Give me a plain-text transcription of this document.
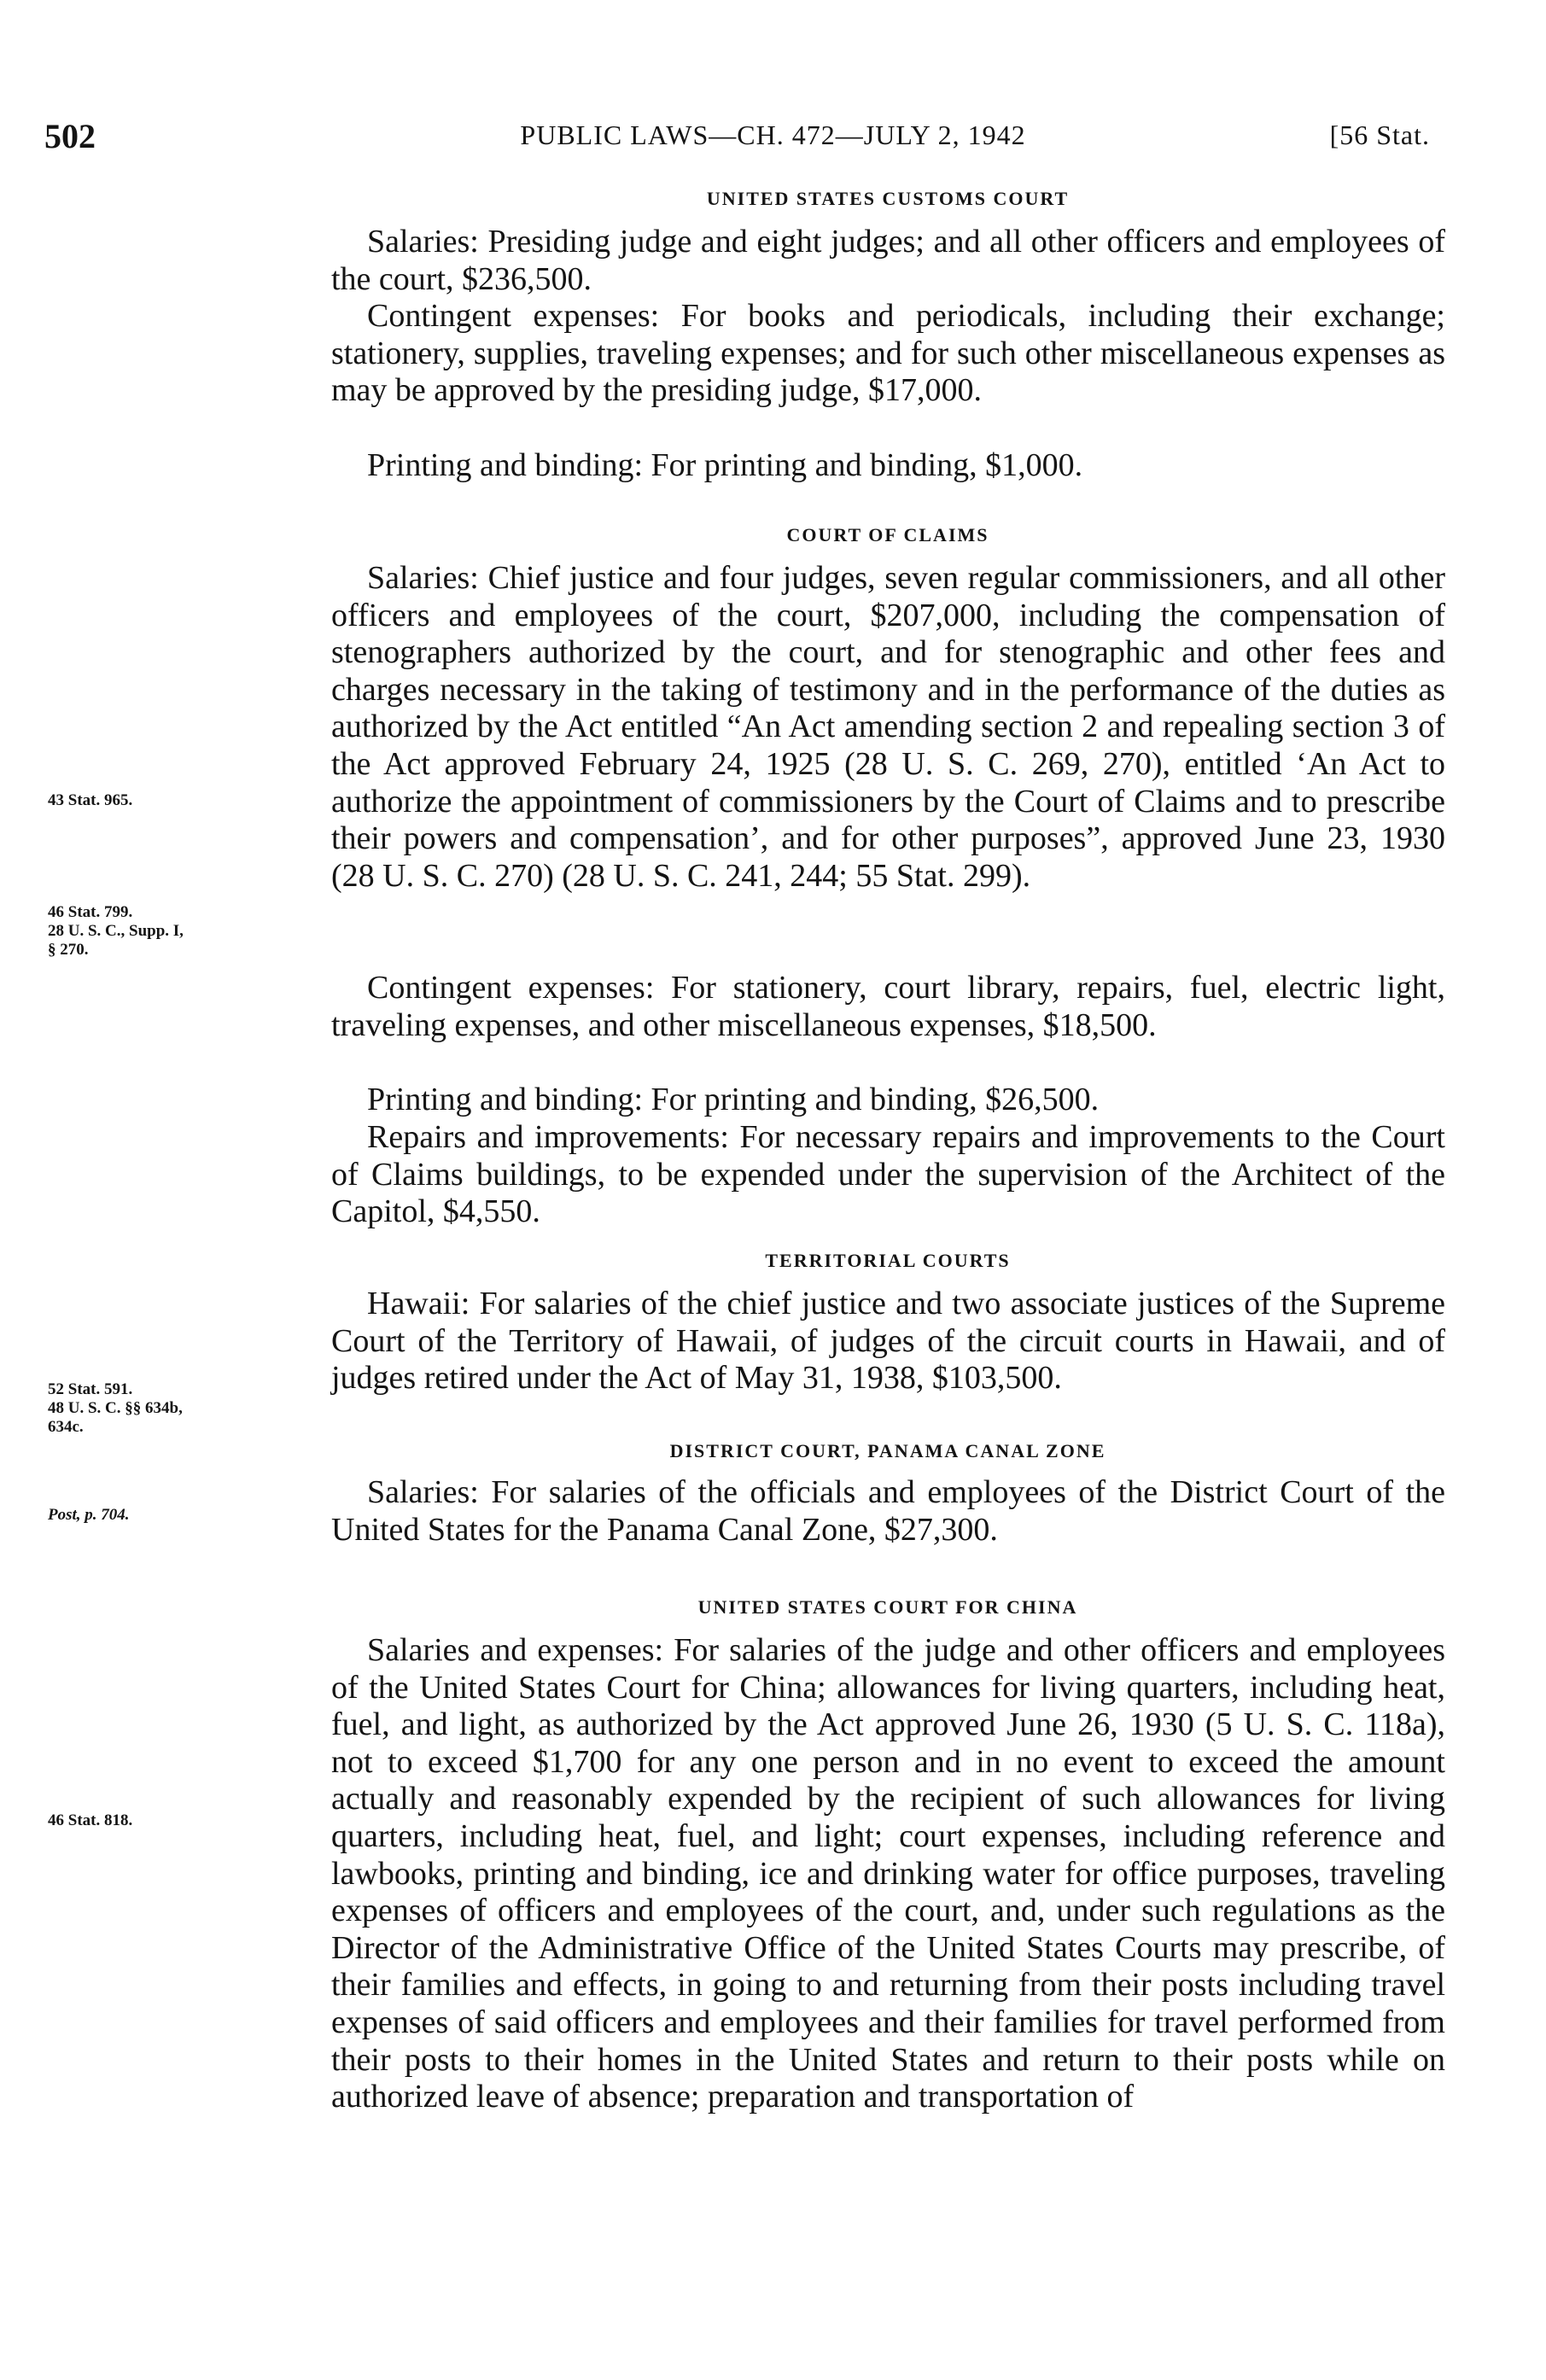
502	PUBLIC LAWS—CH. 472—JULY 2, 1942	[56 Stat.
UNITED STATES CUSTOMS COURT

Salaries: Presiding judge and eight judges; and all other officers and employees of the court, $236,500.

Contingent expenses: For books and periodicals, including their exchange; stationery, supplies, traveling expenses; and for such other miscellaneous expenses as may be approved by the presiding judge, $17,000.

Printing and binding: For printing and binding, $1,000.

COURT OF CLAIMS

Salaries: Chief justice and four judges, seven regular commissioners, and all other officers and employees of the court, $207,000, including the compensation of stenographers authorized by the court, and for stenographic and other fees and charges necessary in the taking of testimony and in the performance of the duties as authorized by the Act entitled “An Act amending section 2 and repealing section 3 of the Act approved February 24, 1925 (28 U. S. C. 269, 270), entitled ‘An Act to authorize the appointment of commissioners by the Court of Claims and to prescribe their powers and compensation’, and for other purposes”, approved June 23, 1930 (28 U. S. C. 270) (28 U. S. C. 241, 244; 55 Stat. 299).

Contingent expenses: For stationery, court library, repairs, fuel, electric light, traveling expenses, and other miscellaneous expenses, $18,500.

Printing and binding: For printing and binding, $26,500.

Repairs and improvements: For necessary repairs and improvements to the Court of Claims buildings, to be expended under the supervision of the Architect of the Capitol, $4,550.

TERRITORIAL COURTS

Hawaii: For salaries of the chief justice and two associate justices of the Supreme Court of the Territory of Hawaii, of judges of the circuit courts in Hawaii, and of judges retired under the Act of May 31, 1938, $103,500.

DISTRICT COURT, PANAMA CANAL ZONE

Salaries: For salaries of the officials and employees of the District Court of the United States for the Panama Canal Zone, $27,300.

UNITED STATES COURT FOR CHINA

Salaries and expenses: For salaries of the judge and other officers and employees of the United States Court for China; allowances for living quarters, including heat, fuel, and light, as authorized by the Act approved June 26, 1930 (5 U. S. C. 118a), not to exceed $1,700 for any one person and in no event to exceed the amount actually and reasonably expended by the recipient of such allowances for living quarters, including heat, fuel, and light; court expenses, including reference and lawbooks, printing and binding, ice and drinking water for office purposes, traveling expenses of officers and employees of the court, and, under such regulations as the Director of the Administrative Office of the United States Courts may prescribe, of their families and effects, in going to and returning from their posts including travel expenses of said officers and employees and their families for travel performed from their posts to their homes in the United States and return to their posts while on authorized leave of absence; preparation and transportation of

43 Stat. 965.
46 Stat. 799.
28 U. S. C., Supp. I,
§ 270.
52 Stat. 591.
48 U. S. C. §§ 634b,
634c.
Post, p. 704.
46 Stat. 818.
